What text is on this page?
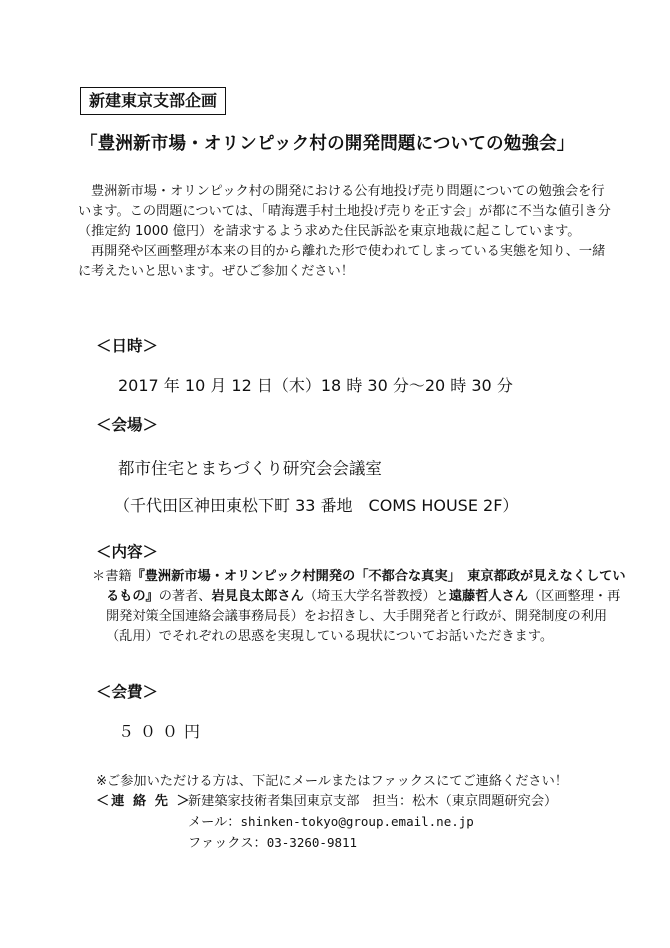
新建東京支部企画
「豊洲新市場・オリンピック村の開発問題についての勉強会」

豊洲新市場・オリンピック村の開発における公有地投げ売り問題についての勉強会を行います。この問題については、「晴海選手村土地投げ売りを正す会」が都に不当な値引き分（推定約 1000 億円）を請求するよう求めた住民訴訟を東京地裁に起こしています。

再開発や区画整理が本来の目的から離れた形で使われてしまっている実態を知り、一緒に考えたいと思います。ぜひご参加ください！

＜日時＞
2017 年 10 月 12 日（木）18 時 30 分～20 時 30 分
＜会場＞
都市住宅とまちづくり研究会会議室
（千代田区神田東松下町 33 番地　COMS HOUSE 2F）
＜内容＞
＊書籍『豊洲新市場・オリンピック村開発の「不都合な真実」　東京都政が見えなくしているもの』の著者、岩見良太郎さん（埼玉大学名誉教授）と遠藤哲人さん（区画整理・再開発対策全国連絡会議事務局長）をお招きし、大手開発者と行政が、開発制度の利用（乱用）でそれぞれの思惑を実現している現状についてお話いただきます。
＜会費＞
５００円
※ご参加いただける方は、下記にメールまたはファックスにてご連絡ください！
＜連 絡 先 ＞
新建築家技術者集団東京支部　担当：松木（東京問題研究会）
メール：shinken-tokyo@group.email.ne.jp
ファックス：03-3260-9811
